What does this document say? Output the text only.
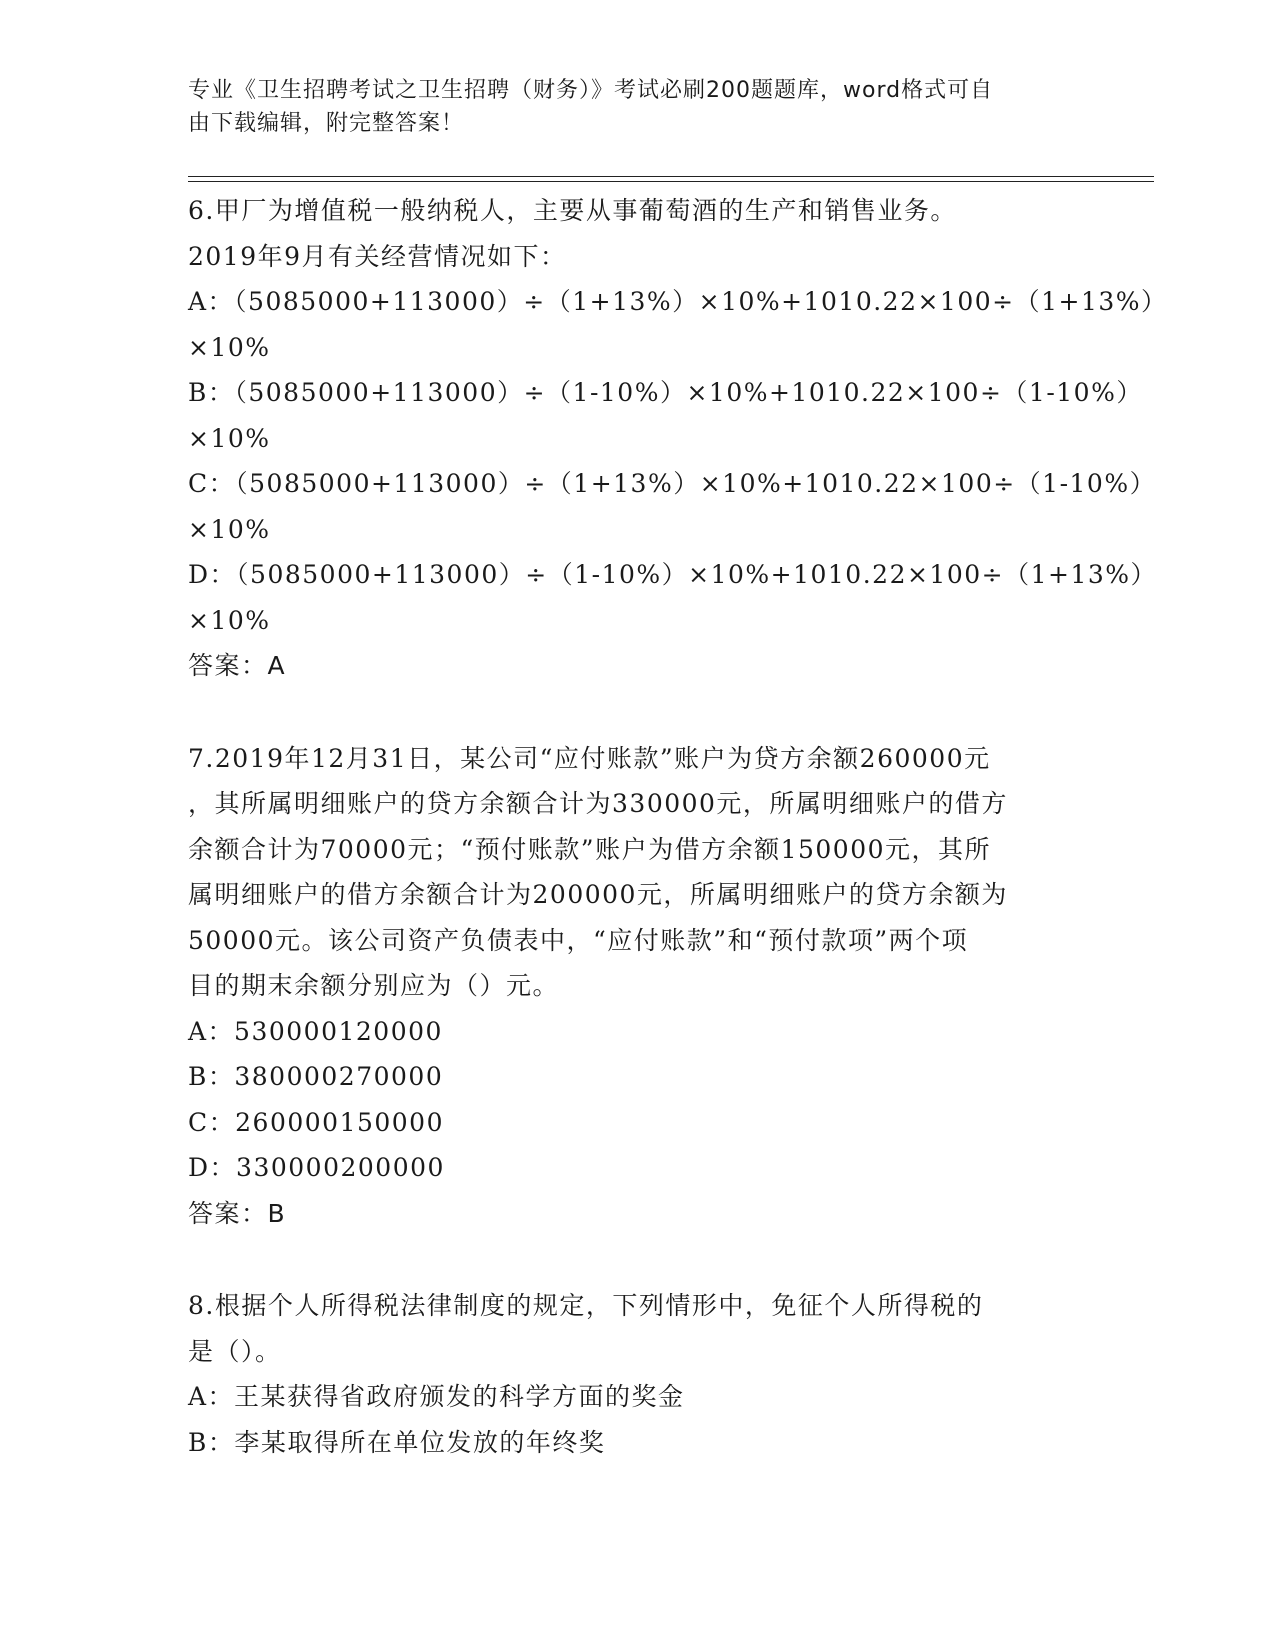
专业《卫生招聘考试之卫生招聘（财务）》考试必刷200题题库，word格式可自
由下载编辑，附完整答案！
6.甲厂为增值税一般纳税人，主要从事葡萄酒的生产和销售业务。
2019年9月有关经营情况如下：
A：（5085000+113000）÷（1+13%）×10%+1010.22×100÷（1+13%）
×10%
B：（5085000+113000）÷（1-10%）×10%+1010.22×100÷（1-10%）
×10%
C：（5085000+113000）÷（1+13%）×10%+1010.22×100÷（1-10%）
×10%
D：（5085000+113000）÷（1-10%）×10%+1010.22×100÷（1+13%）
×10%
答案：A
7.2019年12月31日，某公司“应付账款”账户为贷方余额260000元
，其所属明细账户的贷方余额合计为330000元，所属明细账户的借方
余额合计为70000元；“预付账款”账户为借方余额150000元，其所
属明细账户的借方余额合计为200000元，所属明细账户的贷方余额为
50000元。该公司资产负债表中，“应付账款”和“预付款项”两个项
目的期末余额分别应为（）元。
A：530000120000
B：380000270000
C：260000150000
D：330000200000
答案：B
8.根据个人所得税法律制度的规定，下列情形中，免征个人所得税的
是（）。
A：王某获得省政府颁发的科学方面的奖金
B：李某取得所在单位发放的年终奖
